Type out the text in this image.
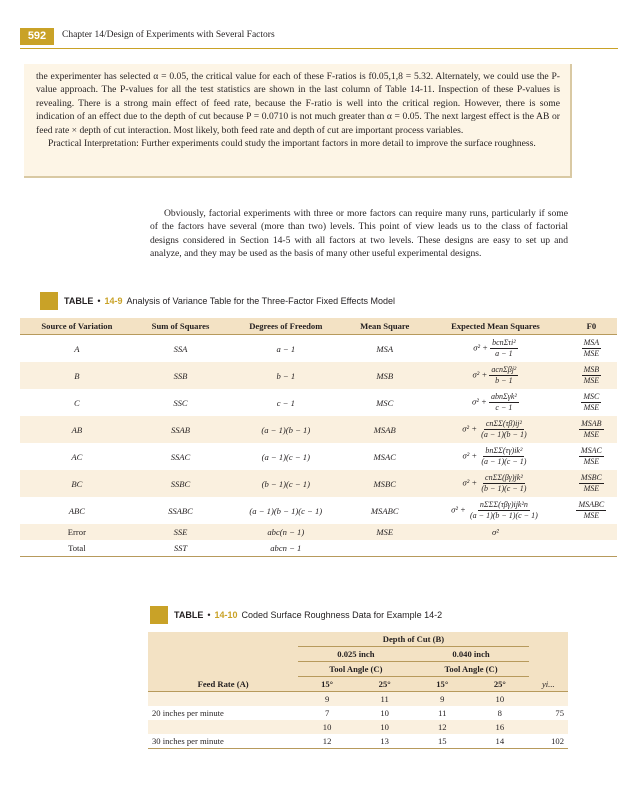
592	Chapter 14/Design of Experiments with Several Factors

the experimenter has selected α = 0.05, the critical value for each of these F-ratios is f0.05,1,8 = 5.32. Alternately, we could use the P-value approach. The P-values for all the test statistics are shown in the last column of Table 14-11. Inspection of these P-values is revealing. There is a strong main effect of feed rate, because the F-ratio is well into the critical region. However, there is some indication of an effect due to the depth of cut because P = 0.0710 is not much greater than α = 0.05. The next largest effect is the AB or feed rate × depth of cut interaction. Most likely, both feed rate and depth of cut are important process variables.

Practical Interpretation: Further experiments could study the important factors in more detail to improve the surface roughness.

Obviously, factorial experiments with three or more factors can require many runs, particularly if some of the factors have several (more than two) levels. This point of view leads us to the class of factorial designs considered in Section 14-5 with all factors at two levels. These designs are easy to set up and analyze, and they may be used as the basis of many other useful experimental designs.

TABLE • 14-9 Analysis of Variance Table for the Three-Factor Fixed Effects Model
Source of Variation	Sum of Squares	Degrees of Freedom	Mean Square	Expected Mean Squares	F0
A	SSA	a − 1	MSA	$\sigma^2 + \frac{\text{bcnΣτi²}}{a - 1}$	$\frac{\text{MSA}}{\text{MSE}}$

B	SSB	b − 1	MSB	$\sigma^2 + \frac{\text{acnΣβj²}}{b - 1}$	$\frac{\text{MSB}}{\text{MSE}}$

C	SSC	c − 1	MSC	$\sigma^2 + \frac{\text{abnΣγk²}}{c - 1}$	$\frac{\text{MSC}}{\text{MSE}}$

AB	SSAB	(a − 1)(b − 1)	MSAB	$\sigma^2 + \frac{\text{cnΣΣ(τβ)ij²}}{(a - 1)(b - 1)}$	$\frac{\text{MSAB}}{\text{MSE}}$

AC	SSAC	(a − 1)(c − 1)	MSAC	$\sigma^2 + \frac{\text{bnΣΣ(τγ)ik²}}{(a - 1)(c - 1)}$	$\frac{\text{MSAC}}{\text{MSE}}$

BC	SSBC	(b − 1)(c − 1)	MSBC	$\sigma^2 + \frac{\text{cnΣΣ(βγ)jk²}}{(b - 1)(c - 1)}$	$\frac{\text{MSBC}}{\text{MSE}}$

ABC	SSABC	(a − 1)(b − 1)(c − 1)	MSABC	$\sigma^2 + \frac{\text{nΣΣΣ(τβγ)ijk²n}}{(a - 1)(b - 1)(c - 1)}$	$\frac{\text{MSABC}}{\text{MSE}}$

Error	SSE	abc(n − 1)	MSE	σ²	
Total	SST	abcn − 1			
TABLE • 14-10 Coded Surface Roughness Data for Example 14-2
	Depth of Cut (B)				
	0.025 inch		0.040 inch		
	Tool Angle (C)		Tool Angle (C)		
Feed Rate (A)	15°	25°	15°	25°	yi...
	9	11	9	10	
20 inches per minute	7	10	11	8	75
	10	10	12	16	
30 inches per minute	12	13	15	14	102
